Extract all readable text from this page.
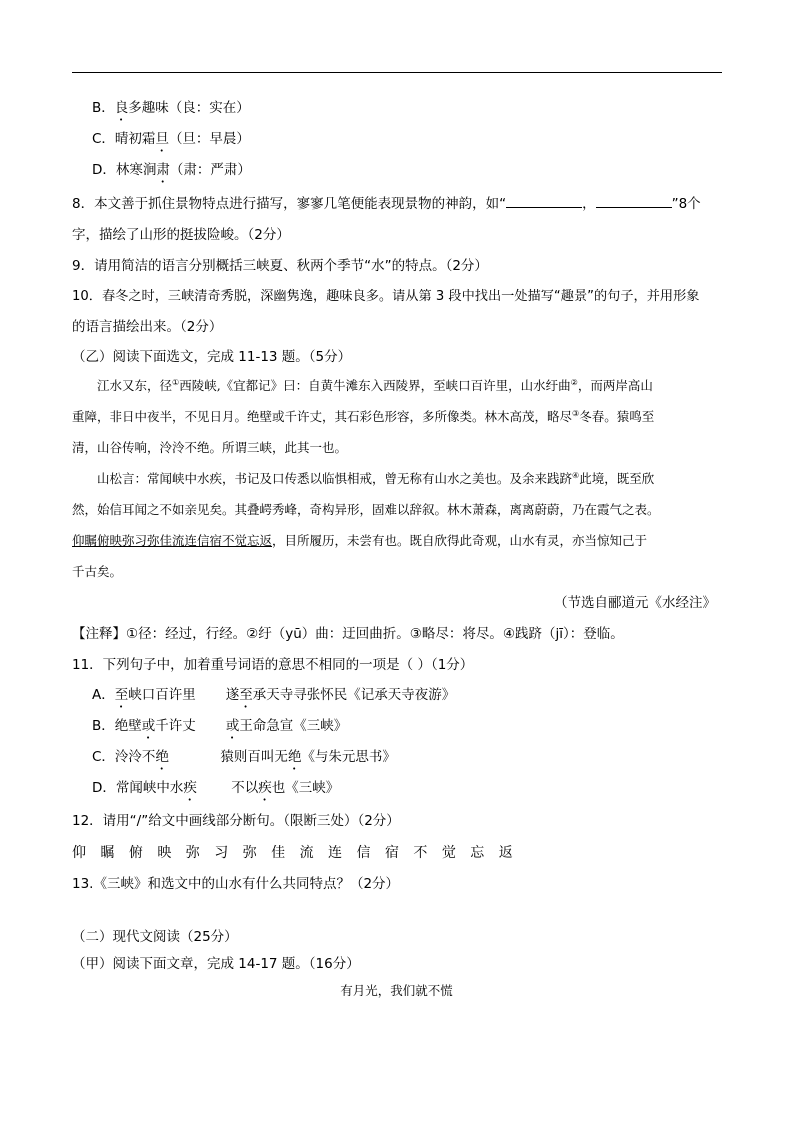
B．良多趣味（良：实在）
C．晴初霜旦（旦：早晨）
D．林寒涧肃（肃：严肃）
8．本文善于抓住景物特点进行描写，寥寥几笔便能表现景物的神韵，如“	，	”8个
字，描绘了山形的挺拔险峻。（2分）
9．请用简洁的语言分别概括三峡夏、秋两个季节“水”的特点。（2分）
10．春冬之时，三峡清奇秀脱，深幽隽逸，趣味良多。请从第 3 段中找出一处描写“趣景”的句子，并用形象
的语言描绘出来。（2分）
（乙）阅读下面选文，完成 11-13 题。（5分）
江水又东，径①西陵峡,《宜都记》曰：自黄牛滩东入西陵界，至峡口百许里，山水纡曲②，而两岸高山
重障，非日中夜半，不见日月。绝壁或千许丈，其石彩色形容，多所像类。林木高茂，略尽③冬春。猿鸣至
清，山谷传响，泠泠不绝。所谓三峡，此其一也。
山松言：常闻峡中水疾，书记及口传悉以临惧相戒，曾无称有山水之美也。及余来践跻④此境，既至欣
然，始信耳闻之不如亲见矣。其叠崿秀峰，奇构异形，固难以辞叙。林木萧森，离离蔚蔚，乃在霞气之表。
仰瞩俯映弥习弥佳流连信宿不觉忘返，目所履历，未尝有也。既自欣得此奇观，山水有灵，亦当惊知己于
千古矣。
（节选自郦道元《水经注》
【注释】①径：经过，行经。②纡（yū）曲：迂回曲折。③略尽：将尽。④践跻（jī）：登临。
11．下列句子中，加着重号词语的意思不相同的一项是（ ）（1分）
A．至峡口百许里       遂至承天寺寻张怀民《记承天寺夜游》
B．绝壁或千许丈       或王命急宣《三峡》
C．泠泠不绝            猿则百叫无绝《与朱元思书》
D．常闻峡中水疾        不以疾也《三峡》
12．请用“/”给文中画线部分断句。（限断三处）（2分）
仰 瞩 俯 映 弥 习 弥 佳 流 连 信 宿 不 觉 忘 返
13.《三峡》和选文中的山水有什么共同特点？（2分）
（二）现代文阅读（25分）
（甲）阅读下面文章，完成 14-17 题。（16分）
有月光，我们就不慌
